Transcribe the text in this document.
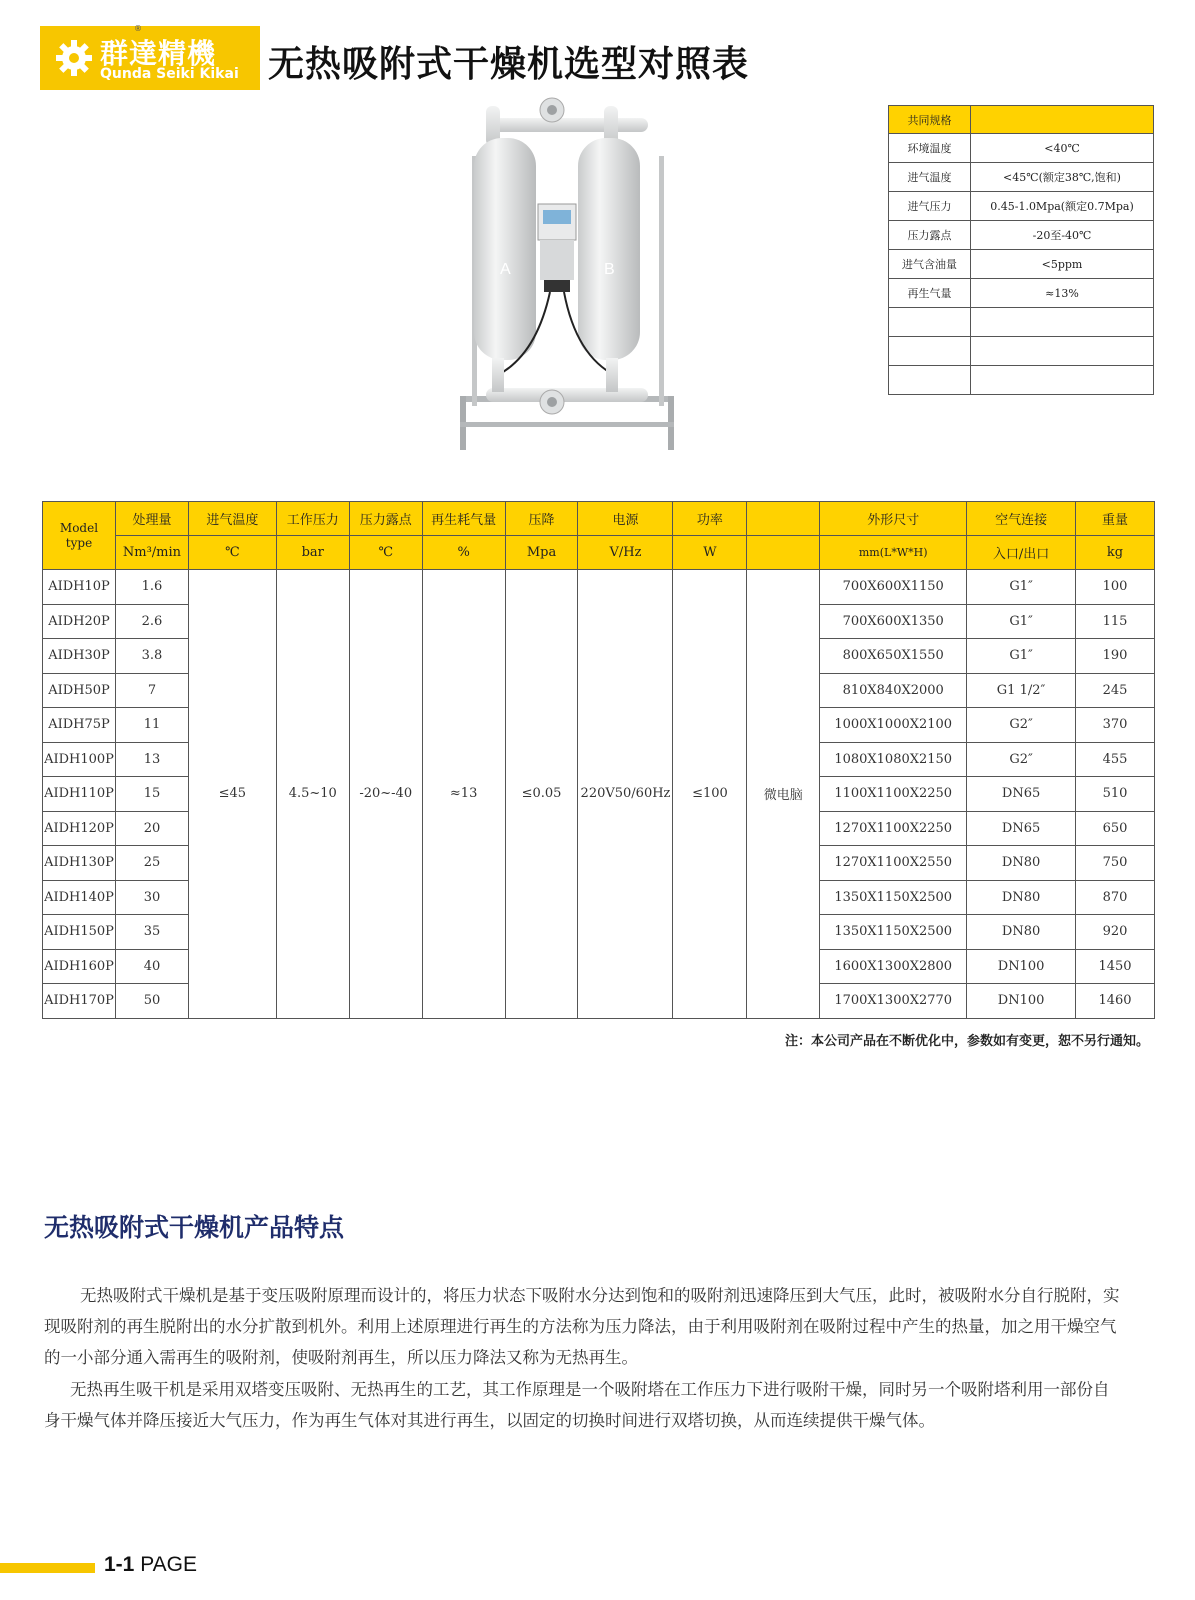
®
群達精機
Qunda Seiki Kikai 无热吸附式干燥机选型对照表
A	B
共同规格	
环境温度	<40℃
进气温度	<45℃(额定38℃,饱和)
进气压力	0.45-1.0Mpa(额定0.7Mpa)
压力露点	-20至-40℃
进气含油量	<5ppm
再生气量	≈13%

Model
type	处理量	进气温度	工作压力	压力露点	再生耗气量	压降	电源	功率		外形尺寸	空气连接	重量
	Nm³/min	℃	bar	℃	%	Mpa	V/Hz	W		mm(L*W*H)	入口/出口	kg
AIDH10P	1.6	≤45	4.5~10	-20~-40	≈13	≤0.05	220V50/60Hz	≤100	微电脑	700X600X1150	G1″	100
AIDH20P	2.6									700X600X1350	G1″	115
AIDH30P	3.8									800X650X1550	G1″	190
AIDH50P	7									810X840X2000	G1 1/2″	245
AIDH75P	11									1000X1000X2100	G2″	370
AIDH100P	13									1080X1080X2150	G2″	455
AIDH110P	15									1100X1100X2250	DN65	510
AIDH120P	20									1270X1100X2250	DN65	650
AIDH130P	25									1270X1100X2550	DN80	750
AIDH140P	30									1350X1150X2500	DN80	870
AIDH150P	35									1350X1150X2500	DN80	920
AIDH160P	40									1600X1300X2800	DN100	1450
AIDH170P	50									1700X1300X2770	DN100	1460
注：本公司产品在不断优化中，参数如有变更，恕不另行通知。
无热吸附式干燥机产品特点
无热吸附式干燥机是基于变压吸附原理而设计的，将压力状态下吸附水分达到饱和的吸附剂迅速降压到大气压，此时，被吸附水分自行脱附，实现吸附剂的再生脱附出的水分扩散到机外。利用上述原理进行再生的方法称为压力降法，由于利用吸附剂在吸附过程中产生的热量，加之用干燥空气的一小部分通入需再生的吸附剂，使吸附剂再生，所以压力降法又称为无热再生。
无热再生吸干机是采用双塔变压吸附、无热再生的工艺，其工作原理是一个吸附塔在工作压力下进行吸附干燥，同时另一个吸附塔利用一部份自身干燥气体并降压接近大气压力，作为再生气体对其进行再生，以固定的切换时间进行双塔切换，从而连续提供干燥气体。
1-1 PAGE
